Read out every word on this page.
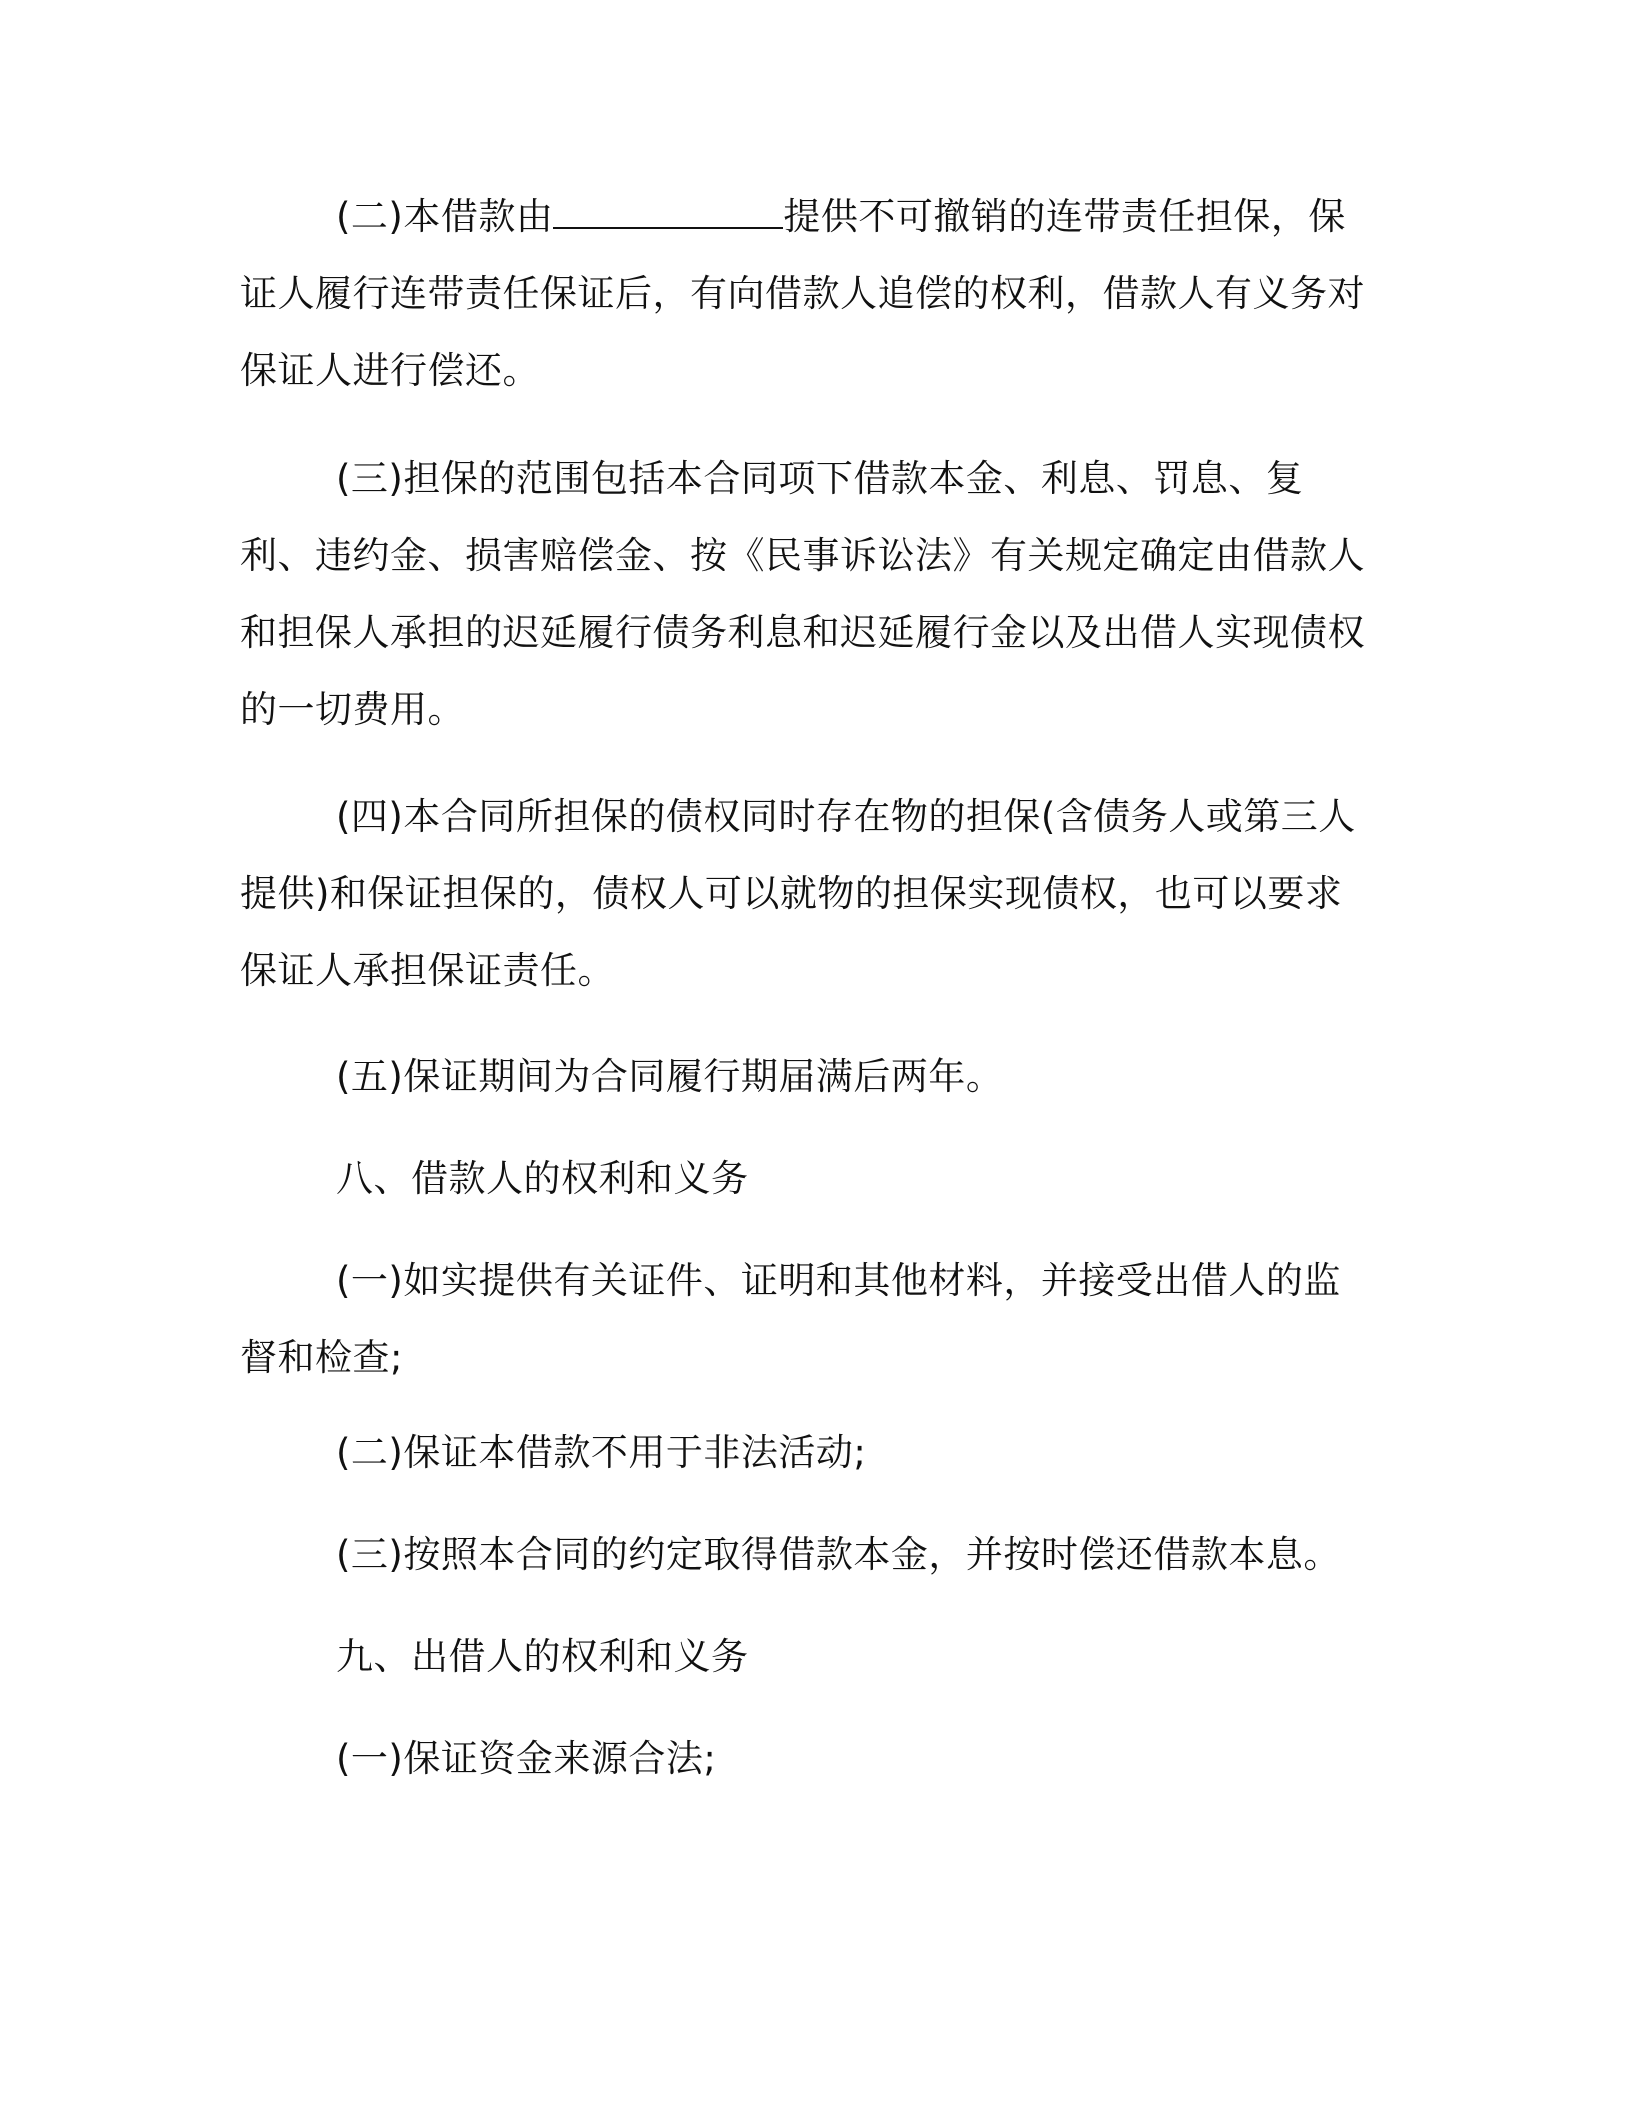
(二)本借款由	提供不可撤销的连带责任担保，保证人履行连带责任保证后，有向借款人追偿的权利，借款人有义务对保证人进行偿还。

(三)担保的范围包括本合同项下借款本金、利息、罚息、复利、违约金、损害赔偿金、按《民事诉讼法》有关规定确定由借款人和担保人承担的迟延履行债务利息和迟延履行金以及出借人实现债权的一切费用。

(四)本合同所担保的债权同时存在物的担保(含债务人或第三人提供)和保证担保的，债权人可以就物的担保实现债权，也可以要求保证人承担保证责任。

(五)保证期间为合同履行期届满后两年。

八、借款人的权利和义务

(一)如实提供有关证件、证明和其他材料，并接受出借人的监督和检查;

(二)保证本借款不用于非法活动;

(三)按照本合同的约定取得借款本金，并按时偿还借款本息。

九、出借人的权利和义务

(一)保证资金来源合法;
